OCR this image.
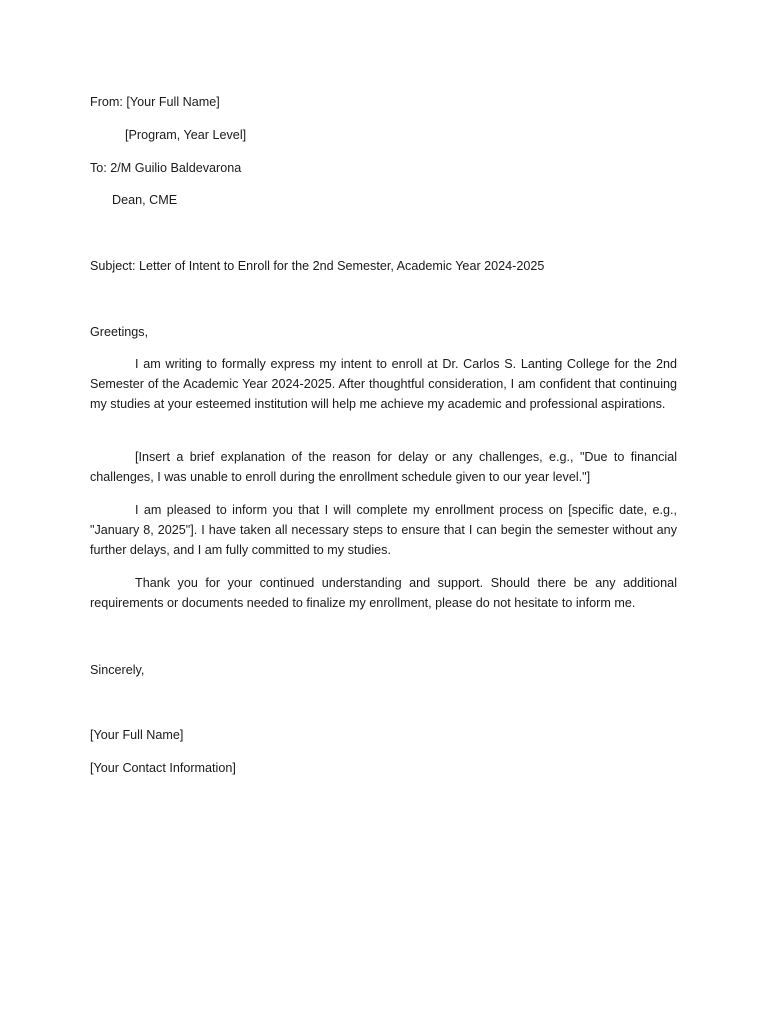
From: [Your Full Name]
[Program, Year Level]
To: 2/M Guilio Baldevarona
Dean, CME
Subject: Letter of Intent to Enroll for the 2nd Semester, Academic Year 2024-2025
Greetings,
I am writing to formally express my intent to enroll at Dr. Carlos S. Lanting College for the 2nd Semester of the Academic Year 2024-2025. After thoughtful consideration, I am confident that continuing my studies at your esteemed institution will help me achieve my academic and professional aspirations.
[Insert a brief explanation of the reason for delay or any challenges, e.g., "Due to financial challenges, I was unable to enroll during the enrollment schedule given to our year level."]
I am pleased to inform you that I will complete my enrollment process on [specific date, e.g., "January 8, 2025"]. I have taken all necessary steps to ensure that I can begin the semester without any further delays, and I am fully committed to my studies.
Thank you for your continued understanding and support. Should there be any additional requirements or documents needed to finalize my enrollment, please do not hesitate to inform me.
Sincerely,
[Your Full Name]
[Your Contact Information]
